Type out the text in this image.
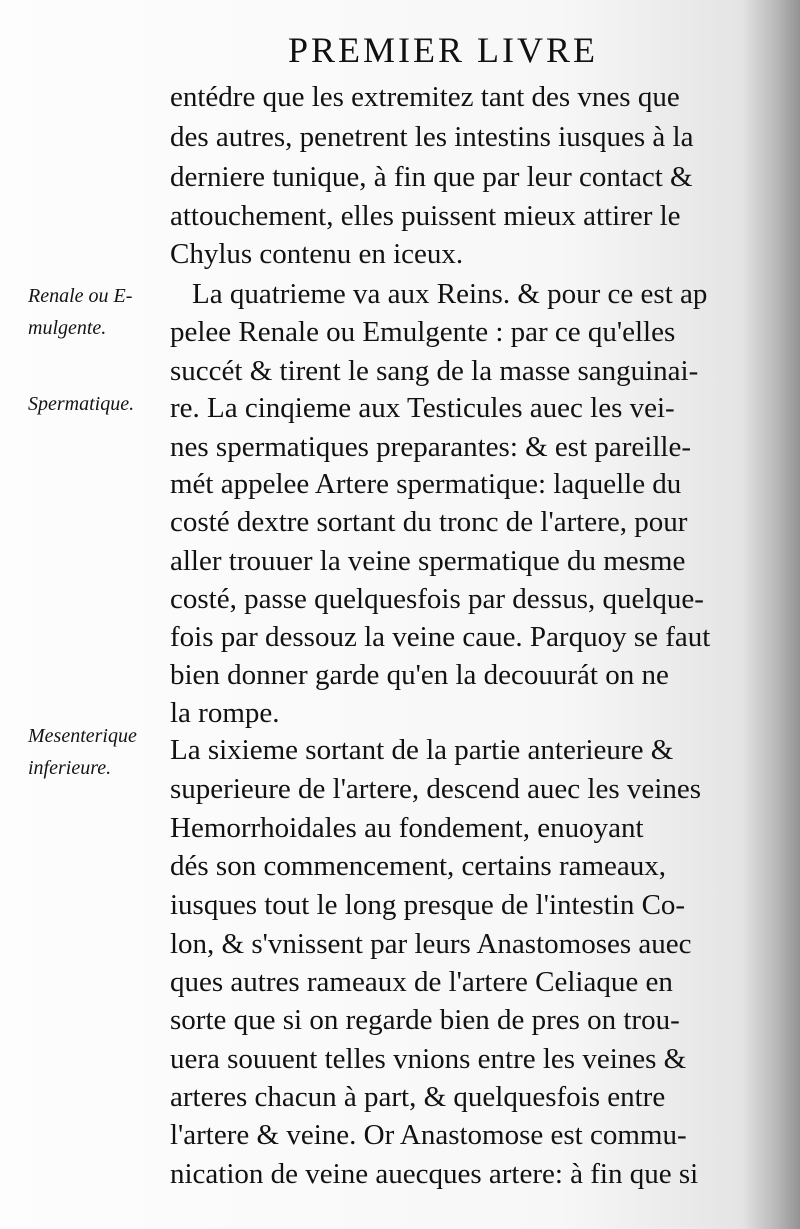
PREMIER LIVRE
Renale ou E-
mulgente.
Spermatique.
Mesenterique
inferieure.
entédre que les extremitez tant des vnes que
des autres, penetrent les intestins iusques à la
derniere tunique, à fin que par leur contact &
attouchement, elles puissent mieux attirer le
Chylus contenu en iceux.
La quatrieme va aux Reins. & pour ce est ap
pelee Renale ou Emulgente : par ce qu'elles
succét & tirent le sang de la masse sanguinai-
re. La cinqieme aux Testicules auec les vei-
nes spermatiques preparantes: & est pareille-
mét appelee Artere spermatique: laquelle du
costé dextre sortant du tronc de l'artere, pour
aller trouuer la veine spermatique du mesme
costé, passe quelquesfois par dessus, quelque-
fois par dessouz la veine caue. Parquoy se faut
bien donner garde qu'en la decouurát on ne
la rompe.
La sixieme sortant de la partie anterieure &
superieure de l'artere, descend auec les veines
Hemorrhoidales au fondement, enuoyant
dés son commencement, certains rameaux,
iusques tout le long presque de l'intestin Co-
lon, & s'vnissent par leurs Anastomoses auec
ques autres rameaux de l'artere Celiaque en
sorte que si on regarde bien de pres on trou-
uera souuent telles vnions entre les veines &
arteres chacun à part, & quelquesfois entre
l'artere & veine. Or Anastomose est commu-
nication de veine auecques artere: à fin que si
